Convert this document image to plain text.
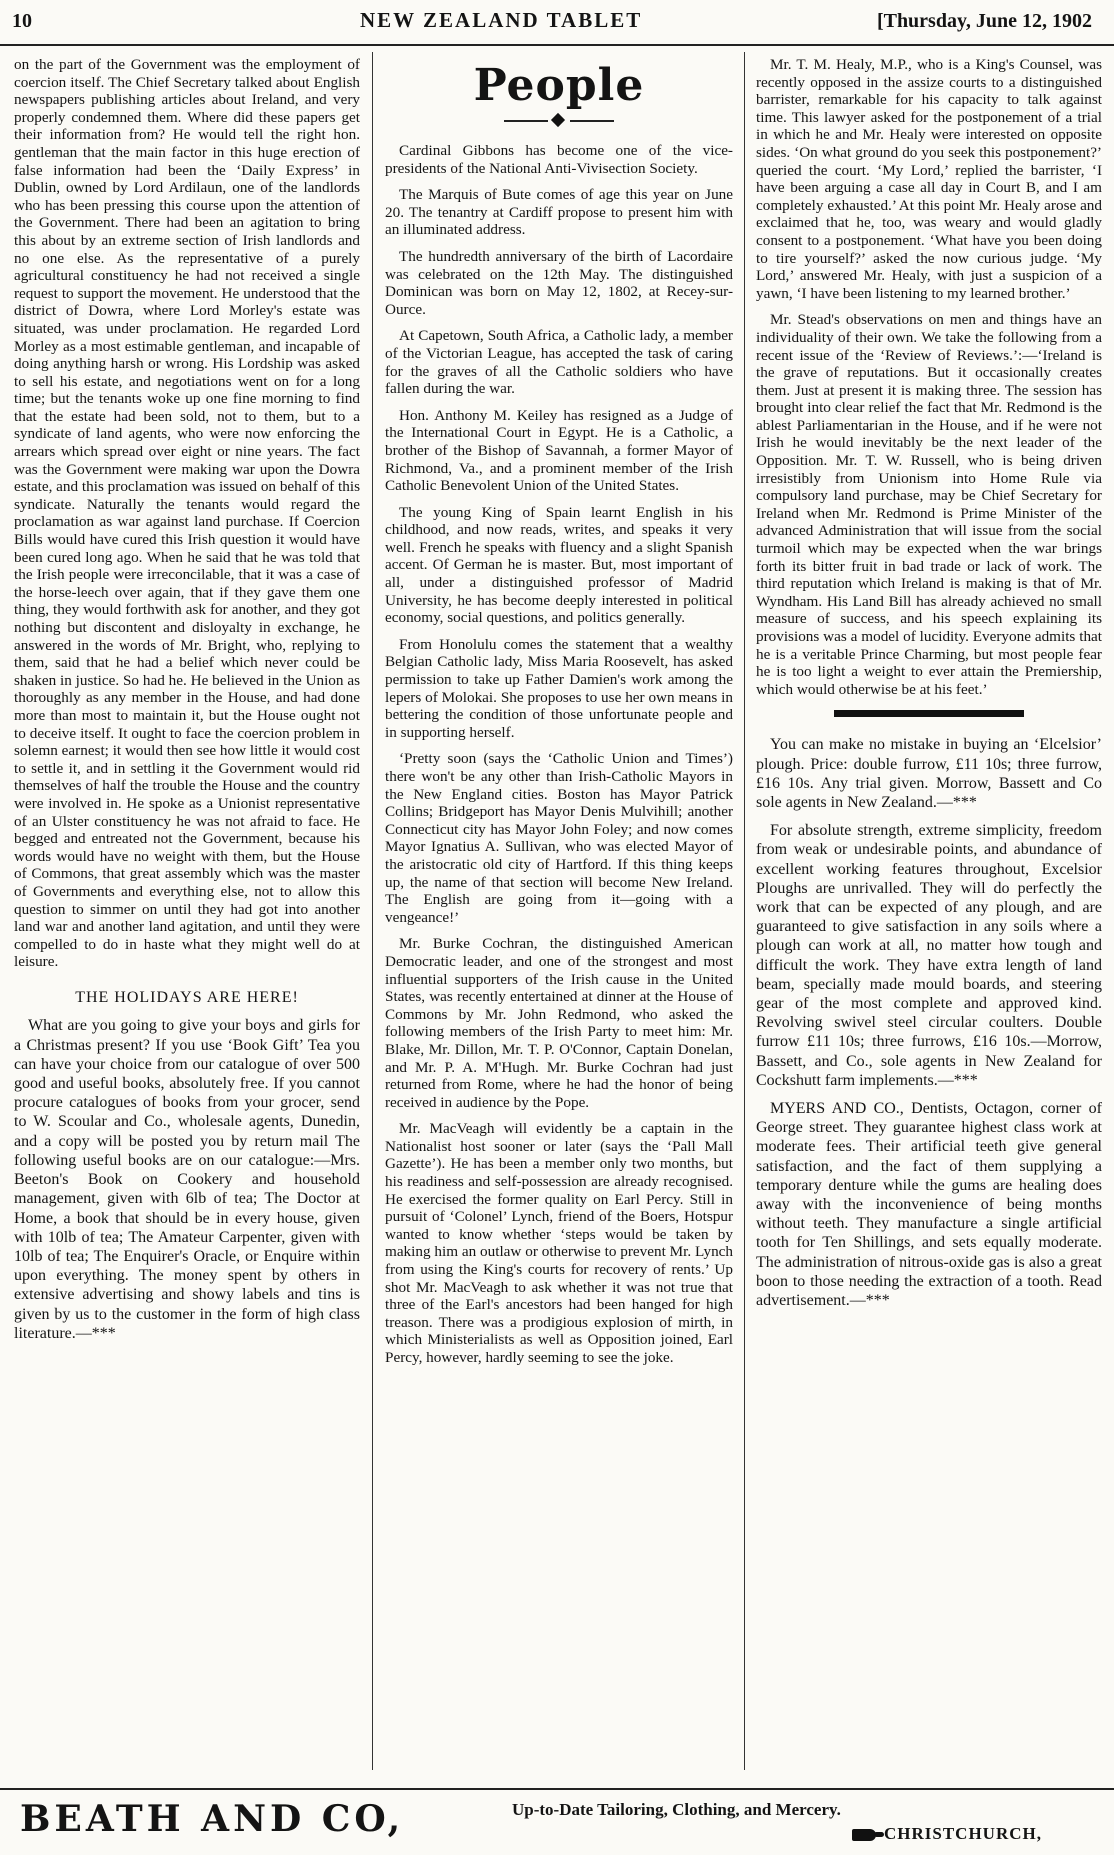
10	NEW ZEALAND TABLET	[Thursday, June 12, 1902

on the part of the Government was the employment of coercion itself. The Chief Secretary talked about English newspapers publishing articles about Ireland, and very properly condemned them. Where did these papers get their information from? He would tell the right hon. gentleman that the main factor in this huge erection of false information had been the ‘Daily Express’ in Dublin, owned by Lord Ardilaun, one of the landlords who has been pressing this course upon the attention of the Government. There had been an agitation to bring this about by an extreme section of Irish landlords and no one else. As the representative of a purely agricultural constituency he had not received a single request to support the movement. He understood that the district of Dowra, where Lord Morley's estate was situated, was under proclamation. He regarded Lord Morley as a most estimable gentleman, and incapable of doing anything harsh or wrong. His Lordship was asked to sell his estate, and negotiations went on for a long time; but the tenants woke up one fine morning to find that the estate had been sold, not to them, but to a syndicate of land agents, who were now enforcing the arrears which spread over eight or nine years. The fact was the Government were making war upon the Dowra estate, and this proclamation was issued on behalf of this syndicate. Naturally the tenants would regard the proclamation as war against land purchase. If Coercion Bills would have cured this Irish question it would have been cured long ago. When he said that he was told that the Irish people were irreconcilable, that it was a case of the horse-leech over again, that if they gave them one thing, they would forthwith ask for another, and they got nothing but discontent and disloyalty in exchange, he answered in the words of Mr. Bright, who, replying to them, said that he had a belief which never could be shaken in justice. So had he. He believed in the Union as thoroughly as any member in the House, and had done more than most to maintain it, but the House ought not to deceive itself. It ought to face the coercion problem in solemn earnest; it would then see how little it would cost to settle it, and in settling it the Government would rid themselves of half the trouble the House and the country were involved in. He spoke as a Unionist representative of an Ulster constituency he was not afraid to face. He begged and entreated not the Government, because his words would have no weight with them, but the House of Commons, that great assembly which was the master of Governments and everything else, not to allow this question to simmer on until they had got into another land war and another land agitation, and until they were compelled to do in haste what they might well do at leisure.

THE HOLIDAYS ARE HERE!

What are you going to give your boys and girls for a Christmas present? If you use ‘Book Gift’ Tea you can have your choice from our catalogue of over 500 good and useful books, absolutely free. If you cannot procure catalogues of books from your grocer, send to W. Scoular and Co., wholesale agents, Dunedin, and a copy will be posted you by return mail The following useful books are on our catalogue:—Mrs. Beeton's Book on Cookery and household management, given with 6lb of tea; The Doctor at Home, a book that should be in every house, given with 10lb of tea; The Amateur Carpenter, given with 10lb of tea; The Enquirer's Oracle, or Enquire within upon everything. The money spent by others in extensive advertising and showy labels and tins is given by us to the customer in the form of high class literature.—***

People

Cardinal Gibbons has become one of the vice-presidents of the National Anti-Vivisection Society.

The Marquis of Bute comes of age this year on June 20. The tenantry at Cardiff propose to present him with an illuminated address.

The hundredth anniversary of the birth of Lacordaire was celebrated on the 12th May. The distinguished Dominican was born on May 12, 1802, at Recey-sur-Ource.

At Capetown, South Africa, a Catholic lady, a member of the Victorian League, has accepted the task of caring for the graves of all the Catholic soldiers who have fallen during the war.

Hon. Anthony M. Keiley has resigned as a Judge of the International Court in Egypt. He is a Catholic, a brother of the Bishop of Savannah, a former Mayor of Richmond, Va., and a prominent member of the Irish Catholic Benevolent Union of the United States.

The young King of Spain learnt English in his childhood, and now reads, writes, and speaks it very well. French he speaks with fluency and a slight Spanish accent. Of German he is master. But, most important of all, under a distinguished professor of Madrid University, he has become deeply interested in political economy, social questions, and politics generally.

From Honolulu comes the statement that a wealthy Belgian Catholic lady, Miss Maria Roosevelt, has asked permission to take up Father Damien's work among the lepers of Molokai. She proposes to use her own means in bettering the condition of those unfortunate people and in supporting herself.

‘Pretty soon (says the ‘Catholic Union and Times’) there won't be any other than Irish-Catholic Mayors in the New England cities. Boston has Mayor Patrick Collins; Bridgeport has Mayor Denis Mulvihill; another Connecticut city has Mayor John Foley; and now comes Mayor Ignatius A. Sullivan, who was elected Mayor of the aristocratic old city of Hartford. If this thing keeps up, the name of that section will become New Ireland. The English are going from it—going with a vengeance!’

Mr. Burke Cochran, the distinguished American Democratic leader, and one of the strongest and most influential supporters of the Irish cause in the United States, was recently entertained at dinner at the House of Commons by Mr. John Redmond, who asked the following members of the Irish Party to meet him: Mr. Blake, Mr. Dillon, Mr. T. P. O'Connor, Captain Donelan, and Mr. P. A. M'Hugh. Mr. Burke Cochran had just returned from Rome, where he had the honor of being received in audience by the Pope.

Mr. MacVeagh will evidently be a captain in the Nationalist host sooner or later (says the ‘Pall Mall Gazette’). He has been a member only two months, but his readiness and self-possession are already recognised. He exercised the former quality on Earl Percy. Still in pursuit of ‘Colonel’ Lynch, friend of the Boers, Hotspur wanted to know whether ‘steps would be taken by making him an outlaw or otherwise to prevent Mr. Lynch from using the King's courts for recovery of rents.’ Up shot Mr. MacVeagh to ask whether it was not true that three of the Earl's ancestors had been hanged for high treason. There was a prodigious explosion of mirth, in which Ministerialists as well as Opposition joined, Earl Percy, however, hardly seeming to see the joke.

Mr. T. M. Healy, M.P., who is a King's Counsel, was recently opposed in the assize courts to a distinguished barrister, remarkable for his capacity to talk against time. This lawyer asked for the postponement of a trial in which he and Mr. Healy were interested on opposite sides. ‘On what ground do you seek this postponement?’ queried the court. ‘My Lord,’ replied the barrister, ‘I have been arguing a case all day in Court B, and I am completely exhausted.’ At this point Mr. Healy arose and exclaimed that he, too, was weary and would gladly consent to a postponement. ‘What have you been doing to tire yourself?’ asked the now curious judge. ‘My Lord,’ answered Mr. Healy, with just a suspicion of a yawn, ‘I have been listening to my learned brother.’

Mr. Stead's observations on men and things have an individuality of their own. We take the following from a recent issue of the ‘Review of Reviews.’:—‘Ireland is the grave of reputations. But it occasionally creates them. Just at present it is making three. The session has brought into clear relief the fact that Mr. Redmond is the ablest Parliamentarian in the House, and if he were not Irish he would inevitably be the next leader of the Opposition. Mr. T. W. Russell, who is being driven irresistibly from Unionism into Home Rule via compulsory land purchase, may be Chief Secretary for Ireland when Mr. Redmond is Prime Minister of the advanced Administration that will issue from the social turmoil which may be expected when the war brings forth its bitter fruit in bad trade or lack of work. The third reputation which Ireland is making is that of Mr. Wyndham. His Land Bill has already achieved no small measure of success, and his speech explaining its provisions was a model of lucidity. Everyone admits that he is a veritable Prince Charming, but most people fear he is too light a weight to ever attain the Premiership, which would otherwise be at his feet.’

You can make no mistake in buying an ‘Elcelsior’ plough. Price: double furrow, £11 10s; three furrow, £16 10s. Any trial given. Morrow, Bassett and Co sole agents in New Zealand.—***

For absolute strength, extreme simplicity, freedom from weak or undesirable points, and abundance of excellent working features throughout, Excelsior Ploughs are unrivalled. They will do perfectly the work that can be expected of any plough, and are guaranteed to give satisfaction in any soils where a plough can work at all, no matter how tough and difficult the work. They have extra length of land beam, specially made mould boards, and steering gear of the most complete and approved kind. Revolving swivel steel circular coulters. Double furrow £11 10s; three furrows, £16 10s.—Morrow, Bassett, and Co., sole agents in New Zealand for Cockshutt farm implements.—***

MYERS AND CO., Dentists, Octagon, corner of George street. They guarantee highest class work at moderate fees. Their artificial teeth give general satisfaction, and the fact of them supplying a temporary denture while the gums are healing does away with the inconvenience of being months without teeth. They manufacture a single artificial tooth for Ten Shillings, and sets equally moderate. The administration of nitrous-oxide gas is also a great boon to those needing the extraction of a tooth. Read advertisement.—***

BEATH AND CO,	Up-to-Date Tailoring, Clothing, and Mercery.
CHRISTCHURCH,
